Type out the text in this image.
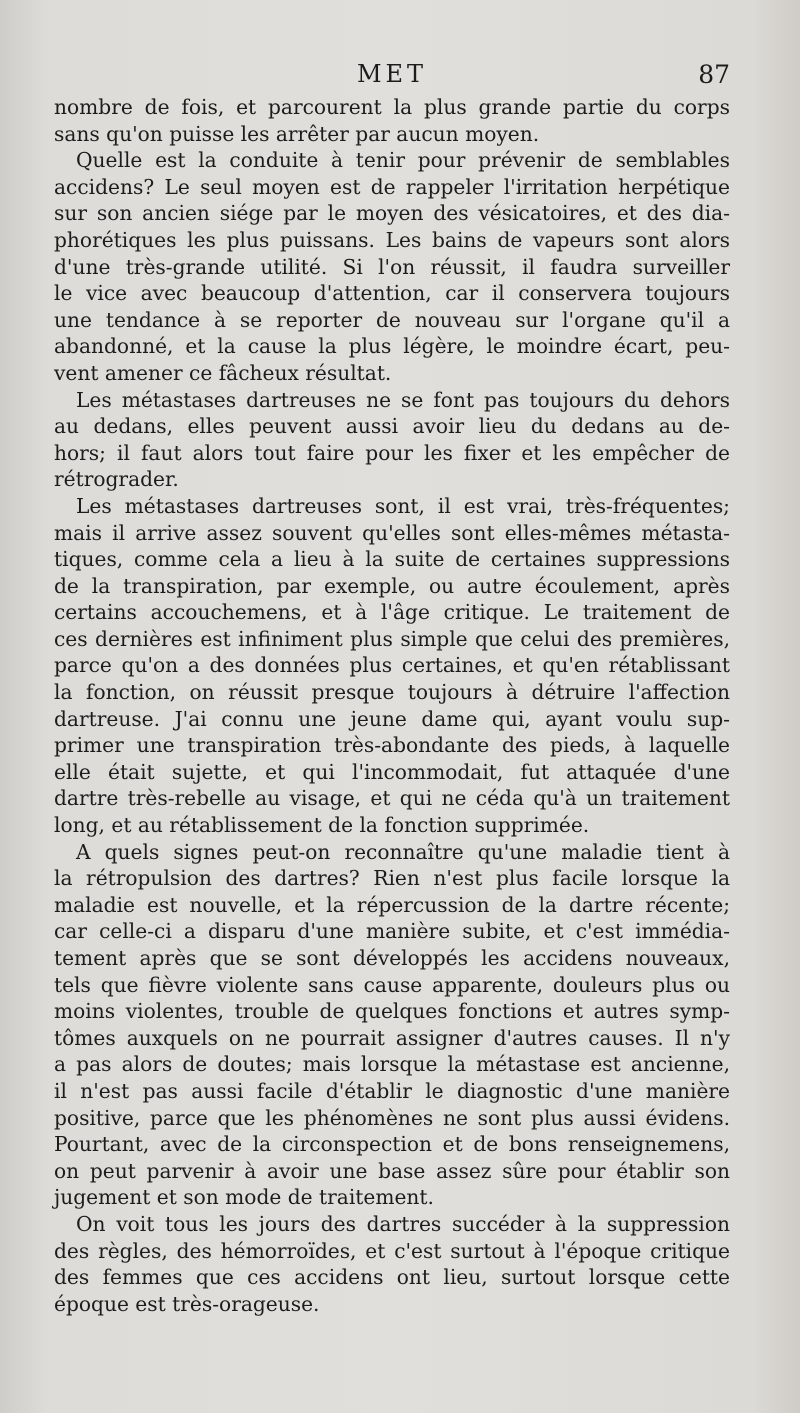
MET	87
nombre de fois, et parcourent la plus grande partie du corps
sans qu'on puisse les arrêter par aucun moyen.
Quelle est la conduite à tenir pour prévenir de semblables
accidens? Le seul moyen est de rappeler l'irritation herpétique
sur son ancien siége par le moyen des vésicatoires, et des dia-
phorétiques les plus puissans. Les bains de vapeurs sont alors
d'une très-grande utilité. Si l'on réussit, il faudra surveiller
le vice avec beaucoup d'attention, car il conservera toujours
une tendance à se reporter de nouveau sur l'organe qu'il a
abandonné, et la cause la plus légère, le moindre écart, peu-
vent amener ce fâcheux résultat.
Les métastases dartreuses ne se font pas toujours du dehors
au dedans, elles peuvent aussi avoir lieu du dedans au de-
hors; il faut alors tout faire pour les fixer et les empêcher de
rétrograder.
Les métastases dartreuses sont, il est vrai, très-fréquentes;
mais il arrive assez souvent qu'elles sont elles-mêmes métasta-
tiques, comme cela a lieu à la suite de certaines suppressions
de la transpiration, par exemple, ou autre écoulement, après
certains accouchemens, et à l'âge critique. Le traitement de
ces dernières est infiniment plus simple que celui des premières,
parce qu'on a des données plus certaines, et qu'en rétablissant
la fonction, on réussit presque toujours à détruire l'affection
dartreuse. J'ai connu une jeune dame qui, ayant voulu sup-
primer une transpiration très-abondante des pieds, à laquelle
elle était sujette, et qui l'incommodait, fut attaquée d'une
dartre très-rebelle au visage, et qui ne céda qu'à un traitement
long, et au rétablissement de la fonction supprimée.
A quels signes peut-on reconnaître qu'une maladie tient à
la rétropulsion des dartres? Rien n'est plus facile lorsque la
maladie est nouvelle, et la répercussion de la dartre récente;
car celle-ci a disparu d'une manière subite, et c'est immédia-
tement après que se sont développés les accidens nouveaux,
tels que fièvre violente sans cause apparente, douleurs plus ou
moins violentes, trouble de quelques fonctions et autres symp-
tômes auxquels on ne pourrait assigner d'autres causes. Il n'y
a pas alors de doutes; mais lorsque la métastase est ancienne,
il n'est pas aussi facile d'établir le diagnostic d'une manière
positive, parce que les phénomènes ne sont plus aussi évidens.
Pourtant, avec de la circonspection et de bons renseignemens,
on peut parvenir à avoir une base assez sûre pour établir son
jugement et son mode de traitement.
On voit tous les jours des dartres succéder à la suppression
des règles, des hémorroïdes, et c'est surtout à l'époque critique
des femmes que ces accidens ont lieu, surtout lorsque cette
époque est très-orageuse.
